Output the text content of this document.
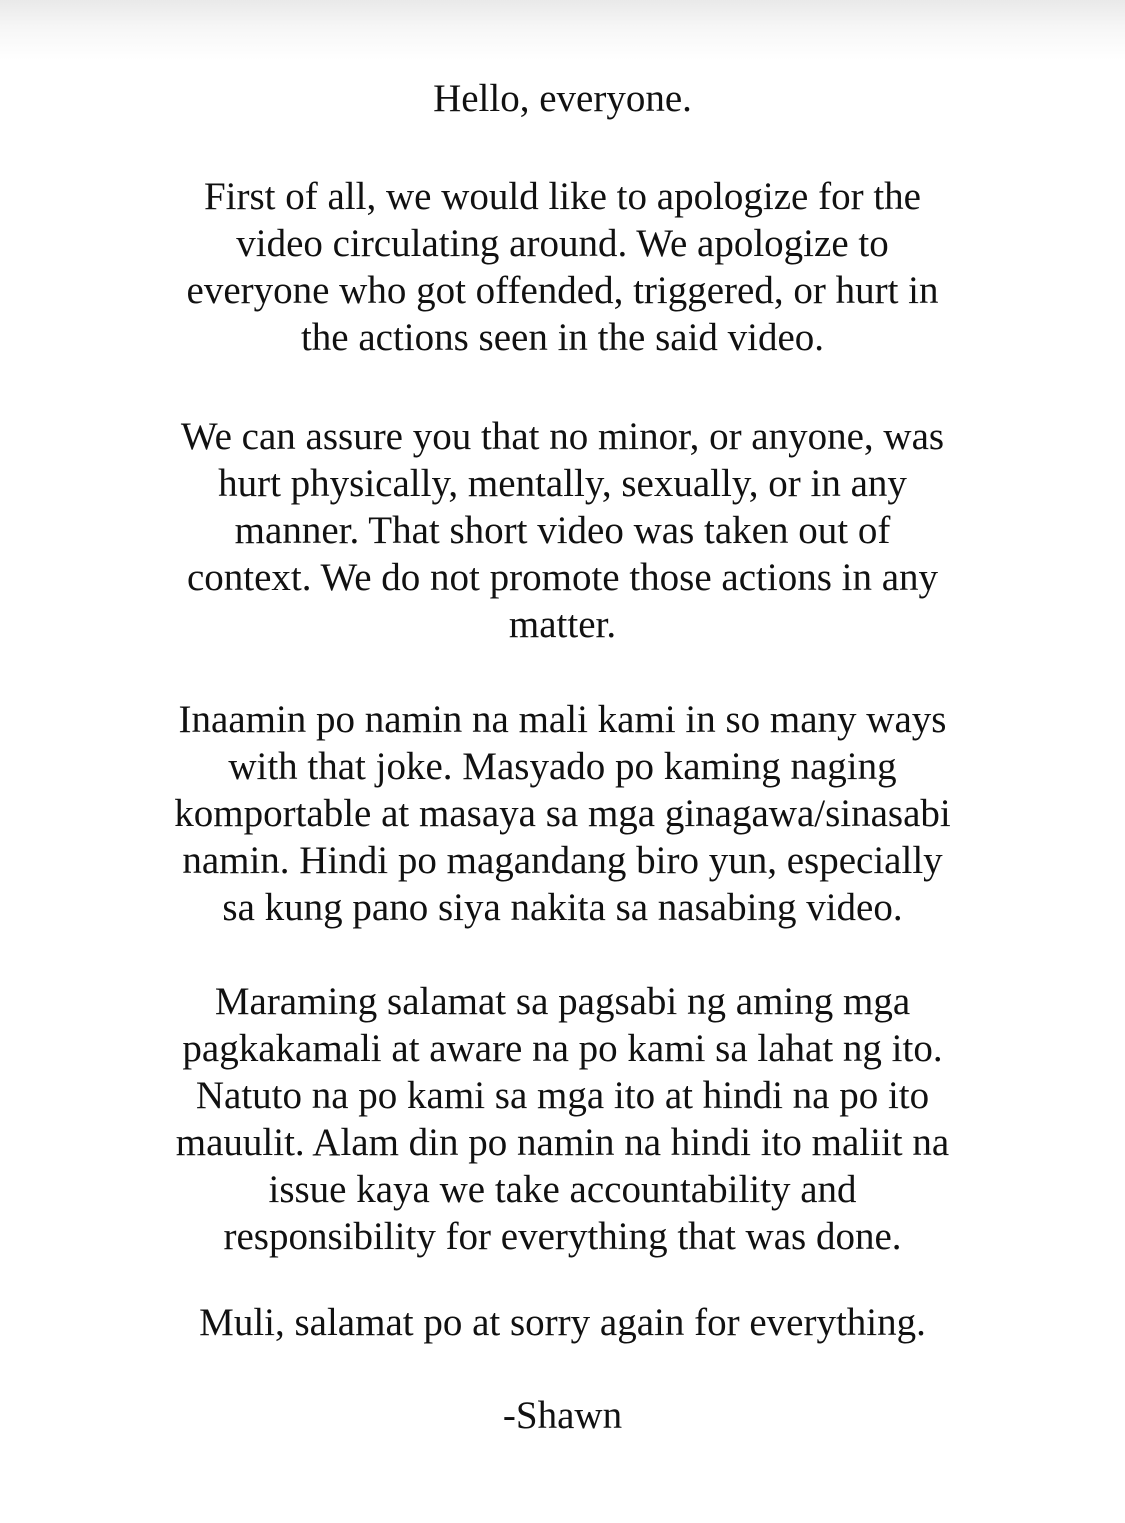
Hello, everyone.
First of all, we would like to apologize for the
video circulating around. We apologize to
everyone who got offended, triggered, or hurt in
the actions seen in the said video.
We can assure you that no minor, or anyone, was
hurt physically, mentally, sexually, or in any
manner. That short video was taken out of
context. We do not promote those actions in any
matter.
Inaamin po namin na mali kami in so many ways
with that joke. Masyado po kaming naging
komportable at masaya sa mga ginagawa/sinasabi
namin. Hindi po magandang biro yun, especially
sa kung pano siya nakita sa nasabing video.
Maraming salamat sa pagsabi ng aming mga
pagkakamali at aware na po kami sa lahat ng ito.
Natuto na po kami sa mga ito at hindi na po ito
mauulit. Alam din po namin na hindi ito maliit na
issue kaya we take accountability and
responsibility for everything that was done.
Muli, salamat po at sorry again for everything.
-Shawn
